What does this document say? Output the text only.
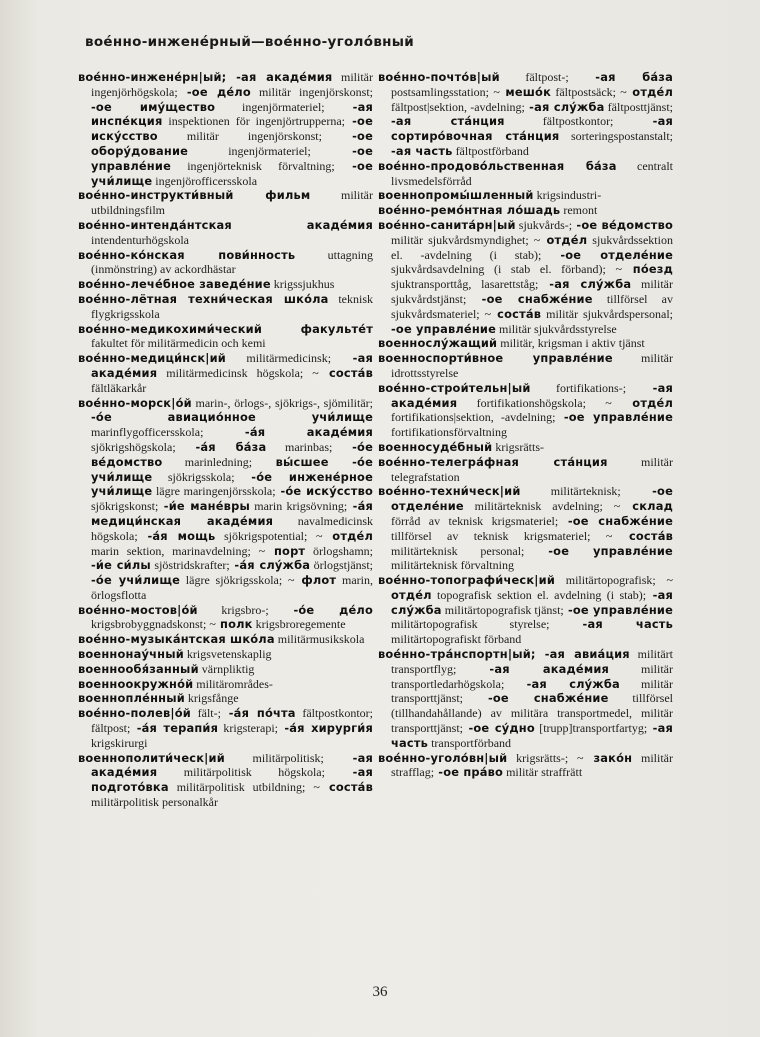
вое́нно-инжене́рный—вое́нно-уголо́вный
вое́нно-инжене́рн|ый; -ая акаде́мия militär ingenjörhögskola; -ое де́ло militär ingenjörskonst; -ое иму́щество ingenjörmateriel; -ая инспе́кция inspektionen för ingenjörtrupperna; -ое иску́сство militär ingenjörskonst; -ое обору́дование ingenjörmateriel; -ое управле́ние ingenjörteknisk förvaltning; -ое учи́лище ingenjörofficersskola
вое́нно-инструкти́вный фильм militär utbildningsfilm
вое́нно-интенда́нтская акаде́мия intendenturhögskola
вое́нно-ко́нская пови́нность uttagning (inmönstring) av ackordhästar
вое́нно-лече́бное заведе́ние krigssjukhus
вое́нно-лётная техни́ческая шко́ла teknisk flygkrigsskola
вое́нно-медикохими́ческий факульте́т fakultet för militärmedicin och kemi
вое́нно-медици́нск|ий militärmedicinsk; -ая акаде́мия militärmedicinsk högskola; ~ соста́в fältläkarkår
вое́нно-морск|о́й marin-, örlogs-, sjökrigs-, sjömilitär; -о́е авиацио́нное учи́лище marinflygofficersskola; -а́я акаде́мия sjökrigshögskola; -а́я ба́за marinbas; -о́е ве́домство marinledning; вы́сшее -о́е учи́лище sjökrigsskola; -о́е инжене́рное учи́лище lägre maringenjörsskola; -о́е иску́сство sjökrigskonst; -и́е мане́вры marin krigsövning; -а́я медици́нская акаде́мия navalmedicinsk högskola; -а́я мощь sjökrigspotential; ~ отде́л marin sektion, marinavdelning; ~ порт örlogshamn; -и́е си́лы sjöstridskrafter; -а́я слу́жба örlogstjänst; -о́е учи́лище lägre sjökrigsskola; ~ флот marin, örlogsflotta
вое́нно-мостов|о́й krigsbro-; -о́е де́ло krigsbrobyggnadskonst; ~ полк krigsbroregemente
вое́нно-музыка́нтская шко́ла militärmusikskola
военнонау́чный krigsvetenskaplig
военнообя́занный värnpliktig
военноокружно́й militärområdes-
военнопле́нный krigsfånge
вое́нно-полев|о́й fält-; -а́я по́чта fältpostkontor; fältpost; -а́я терапи́я krigsterapi; -а́я хирурги́я krigskirurgi
военнополити́ческ|ий militärpolitisk; -ая акаде́мия militärpolitisk högskola; -ая подгото́вка militärpolitisk utbildning; ~ соста́в militärpolitisk personalkår
вое́нно-почто́в|ый fältpost-; -ая ба́за postsamlingsstation; ~ мешо́к fältpostsäck; ~ отде́л fältpost|sektion, -avdelning; -ая слу́жба fältposttjänst; -ая ста́нция fältpostkontor; -ая сортиро́вочная ста́нция sorteringspostanstalt; -ая часть fältpostförband
вое́нно-продово́льственная ба́за centralt livsmedelsförråd
военнопромы́шленный krigsindustri-
вое́нно-ремо́нтная ло́шадь remont
вое́нно-санита́рн|ый sjukvårds-; -ое ве́домство militär sjukvårdsmyndighet; ~ отде́л sjukvårdssektion el. -avdelning (i stab); -ое отделе́ние sjukvårdsavdelning (i stab el. förband); ~ по́езд sjuktransporttåg, lasarettståg; -ая слу́жба militär sjukvårdstjänst; -ое снабже́ние tillförsel av sjukvårdsmateriel; ~ соста́в militär sjukvårdspersonal; -ое управле́ние militär sjukvårdsstyrelse
военнослу́жащий militär, krigsman i aktiv tjänst
военноспорти́вное управле́ние militär idrottsstyrelse
вое́нно-строи́тельн|ый fortifikations-; -ая акаде́мия fortifikationshögskola; ~ отде́л fortifikations|sektion, -avdelning; -ое управле́ние fortifikationsförvaltning
военносуде́бный krigsrätts-
вое́нно-телегра́фная ста́нция militär telegrafstation
вое́нно-техни́ческ|ий militärteknisk; -ое отделе́ние militärteknisk avdelning; ~ склад förråd av teknisk krigsmateriel; -ое снабже́ние tillförsel av teknisk krigsmateriel; ~ соста́в militärteknisk personal; -ое управле́ние militärteknisk förvaltning
вое́нно-топографи́ческ|ий militärtopografisk; ~ отде́л topografisk sektion el. avdelning (i stab); -ая слу́жба militärtopografisk tjänst; -ое управле́ние militärtopografisk styrelse; -ая часть militärtopografiskt förband
вое́нно-тра́нспортн|ый; -ая авиа́ция militärt transportflyg; -ая акаде́мия militär transportledarhögskola; -ая слу́жба militär transporttjänst; -ое снабже́ние tillförsel (tillhandahållande) av militära transportmedel, militär transporttjänst; -ое су́дно [trupp]transportfartyg; -ая часть transportförband
вое́нно-уголо́вн|ый krigsrätts-; ~ зако́н militär strafflag; -ое пра́во militär straffrätt
36
